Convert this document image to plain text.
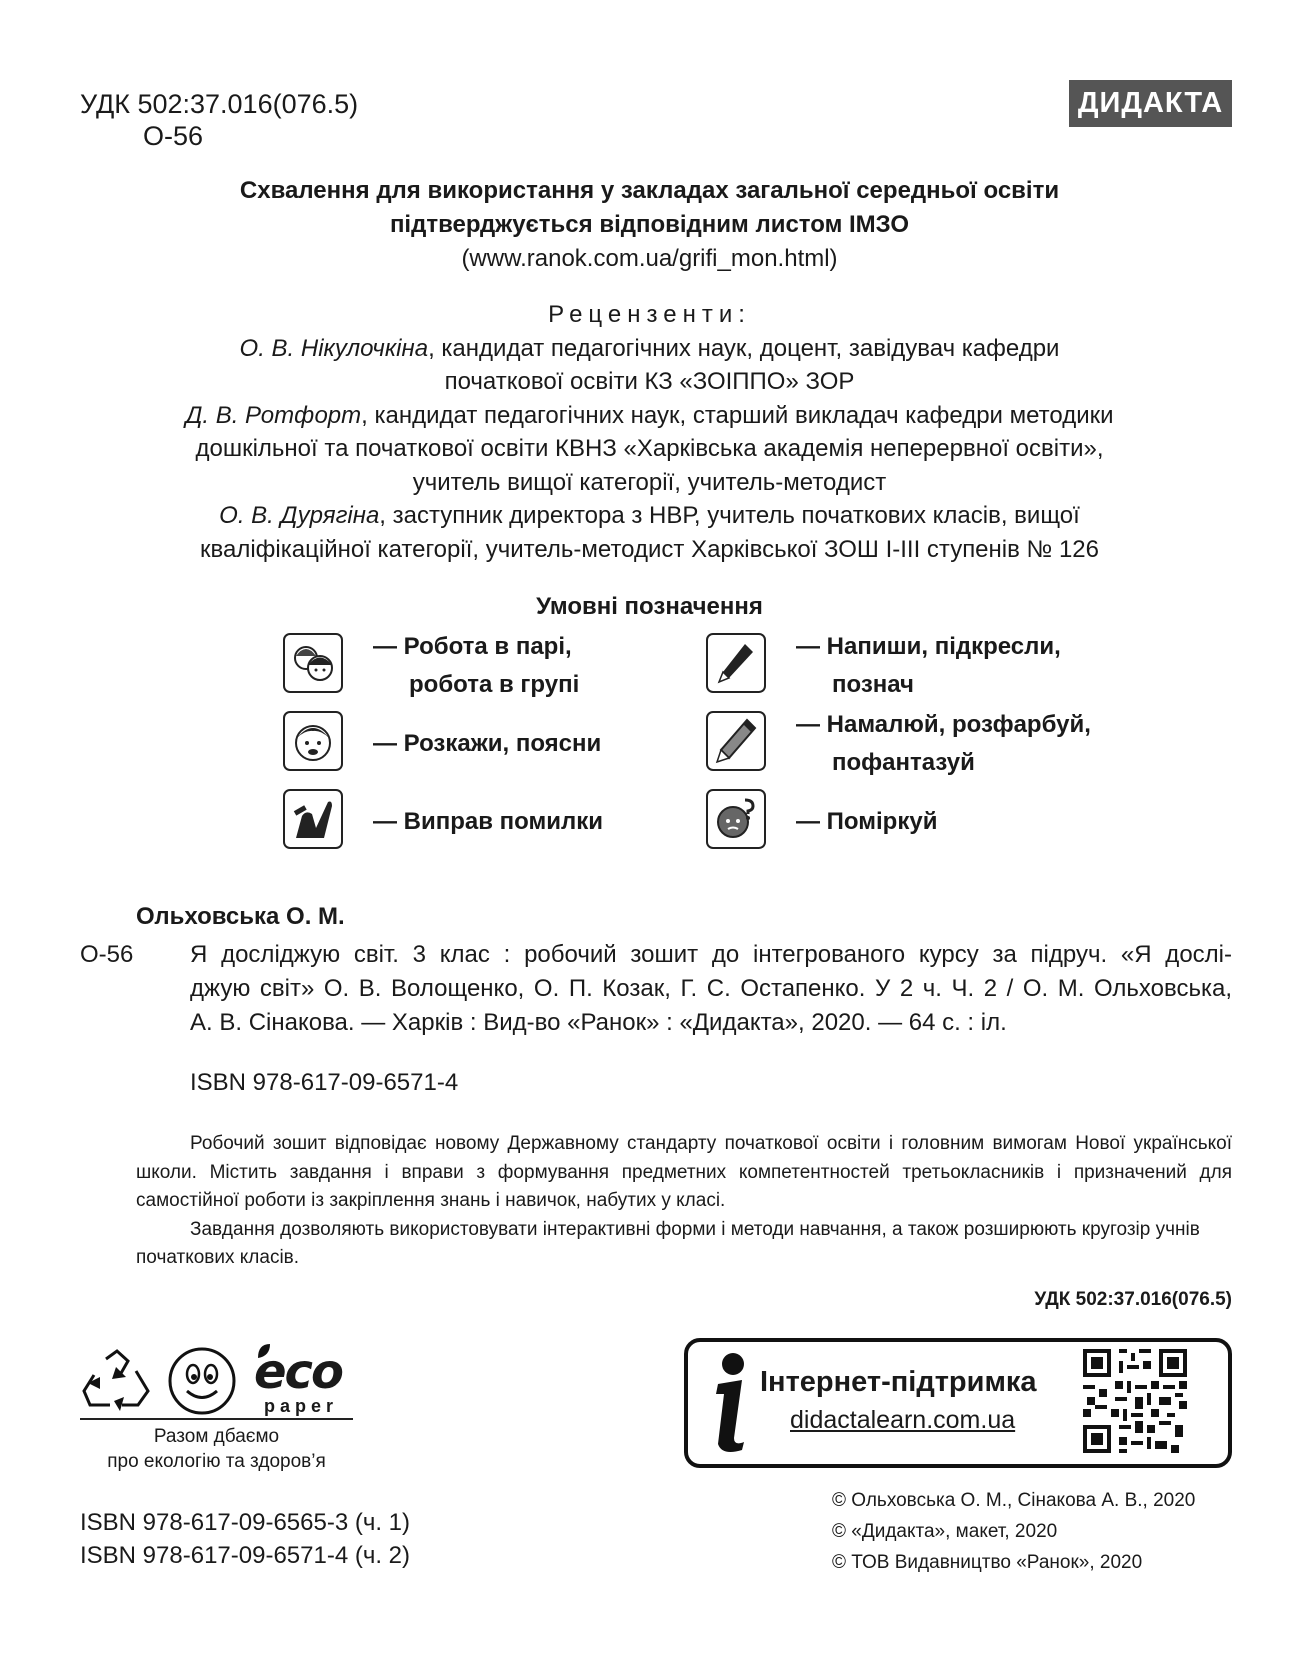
УДК 502:37.016(076.5)
О-56
ДИДАКТА
Схвалення для використання у закладах загальної середньої освіти
підтверджується відповідним листом ІМЗО
(www.ranok.com.ua/grifi_mon.html)
Рецензенти:
О. В. Нікулочкіна, кандидат педагогічних наук, доцент, завідувач кафедри
початкової освіти КЗ «ЗОІППО» ЗОР
Д. В. Ротфорт, кандидат педагогічних наук, старший викладач кафедри методики
дошкільної та початкової освіти КВНЗ «Харківська академія неперервної освіти»,
учитель вищої категорії, учитель-методист
О. В. Дурягіна, заступник директора з НВР, учитель початкових класів, вищої
кваліфікаційної категорії, учитель-методист Харківської ЗОШ І-ІІІ ступенів № 126
Умовні позначення
— Робота в парі,
робота в групі
— Розкажи, поясни
— Виправ помилки
— Напиши, підкресли,
познач
— Намалюй, розфарбуй,
пофантазуй
— Поміркуй
Ольховська О. М.
О-56	Я досліджую світ. 3 клас : робочий зошит до інтегрованого курсу за підруч. «Я дослі-
джую світ» О. В. Волощенко, О. П. Козак, Г. С. Остапенко. У 2 ч. Ч. 2 / О. М. Ольховська,
А. В. Сінакова. — Харків : Вид-во «Ранок» : «Дидакта», 2020. — 64 с. : іл.
ISBN 978-617-09-6571-4

Робочий зошит відповідає новому Державному стандарту початкової освіти і головним вимогам Нової української школи. Містить завдання і вправи з формування предметних компетентностей третьокласників і призначений для самостійної роботи із закріплення знань і навичок, набутих у класі.

Завдання дозволяють використовувати інтерактивні форми і методи навчання, а також розширюють кругозір учнів початкових класів.

УДК 502:37.016(076.5)
eco
paper
Разом дбаємо
про екологію та здоров’я
ISBN 978-617-09-6565-3 (ч. 1)
ISBN 978-617-09-6571-4 (ч. 2)
Інтернет-підтримка
didactalearn.com.ua
© Ольховська О. М., Сінакова А. В., 2020
© «Дидакта», макет, 2020
© ТОВ Видавництво «Ранок», 2020
